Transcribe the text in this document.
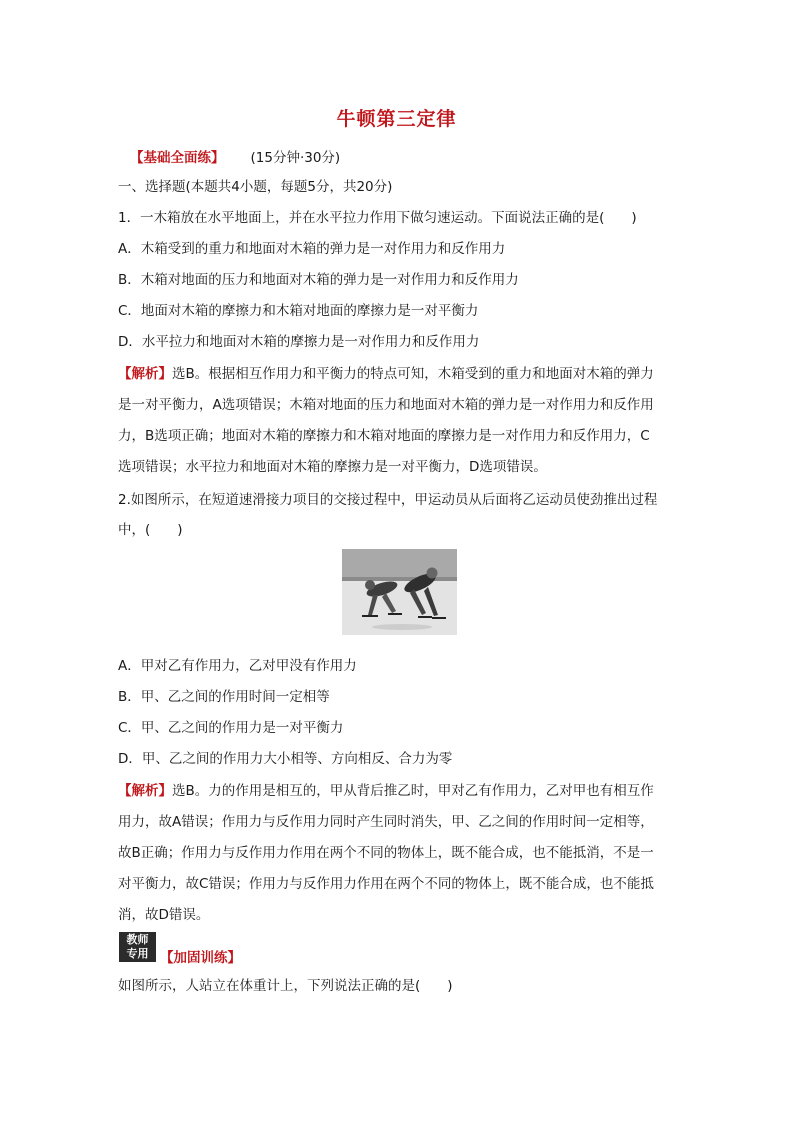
牛顿第三定律
【基础全面练】 (15分钟·30分)
一、选择题(本题共4小题，每题5分，共20分)
1．一木箱放在水平地面上，并在水平拉力作用下做匀速运动。下面说法正确的是(　　)
A．木箱受到的重力和地面对木箱的弹力是一对作用力和反作用力
B．木箱对地面的压力和地面对木箱的弹力是一对作用力和反作用力
C．地面对木箱的摩擦力和木箱对地面的摩擦力是一对平衡力
D．水平拉力和地面对木箱的摩擦力是一对作用力和反作用力
【解析】选B。根据相互作用力和平衡力的特点可知，木箱受到的重力和地面对木箱的弹力
是一对平衡力，A选项错误；木箱对地面的压力和地面对木箱的弹力是一对作用力和反作用
力，B选项正确；地面对木箱的摩擦力和木箱对地面的摩擦力是一对作用力和反作用力，C
选项错误；水平拉力和地面对木箱的摩擦力是一对平衡力，D选项错误。
2.如图所示，在短道速滑接力项目的交接过程中，甲运动员从后面将乙运动员使劲推出过程
中，(　　)
A．甲对乙有作用力，乙对甲没有作用力
B．甲、乙之间的作用时间一定相等
C．甲、乙之间的作用力是一对平衡力
D．甲、乙之间的作用力大小相等、方向相反、合力为零
【解析】选B。力的作用是相互的，甲从背后推乙时，甲对乙有作用力，乙对甲也有相互作
用力，故A错误；作用力与反作用力同时产生同时消失，甲、乙之间的作用时间一定相等，
故B正确；作用力与反作用力作用在两个不同的物体上，既不能合成，也不能抵消，不是一
对平衡力，故C错误；作用力与反作用力作用在两个不同的物体上，既不能合成，也不能抵
消，故D错误。
教师
专用 【加固训练】
如图所示，人站立在体重计上，下列说法正确的是(　　)
